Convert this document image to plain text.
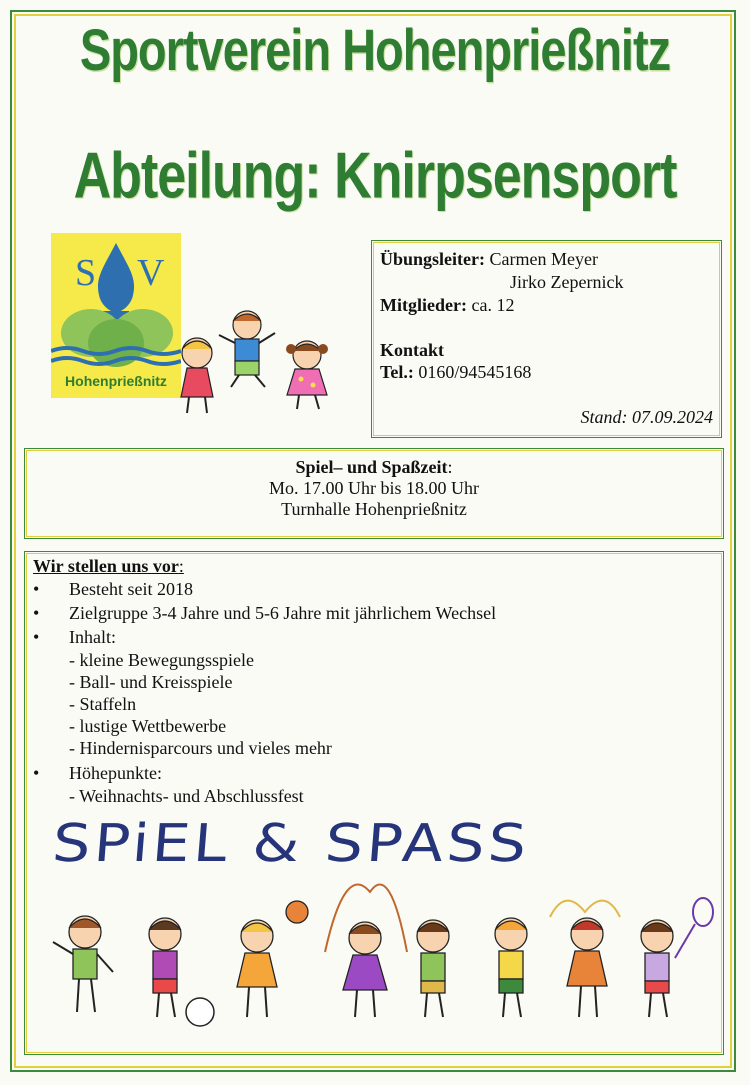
Sportverein Hohenprießnitz
Abteilung: Knirpsensport
S V
Hohenprießnitz
Übungsleiter: Carmen Meyer
Jirko Zepernick
Mitglieder: ca. 12
Kontakt
Tel.: 0160/94545168
Stand: 07.09.2024
Spiel– und Spaßzeit:
Mo. 17.00 Uhr bis 18.00 Uhr
Turnhalle Hohenprießnitz
Wir stellen uns vor:
• Besteht seit 2018
• Zielgruppe 3-4 Jahre und 5-6 Jahre mit jährlichem Wechsel
• Inhalt:
- kleine Bewegungsspiele
- Ball- und Kreisspiele
- Staffeln
- lustige Wettbewerbe
- Hindernisparcours und vieles mehr
• Höhepunkte:
- Weihnachts- und Abschlussfest
SPiEL & SPASS
